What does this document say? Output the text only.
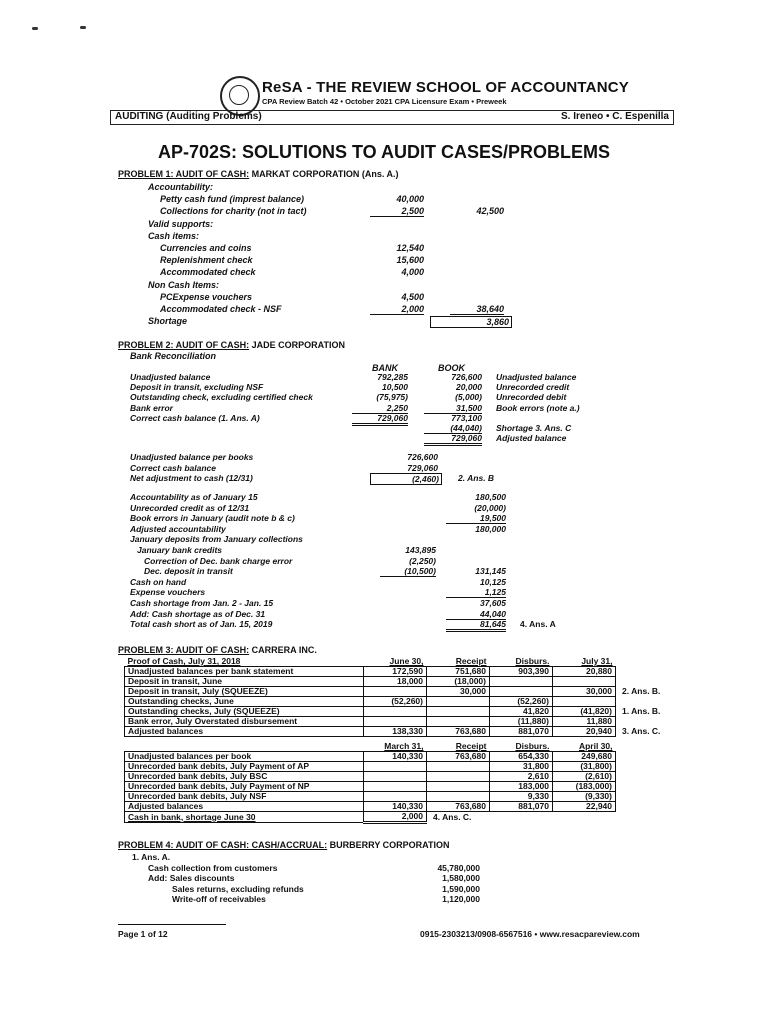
ReSA - THE REVIEW SCHOOL OF ACCOUNTANCY
CPA Review Batch 42 • October 2021 CPA Licensure Exam • Preweek
AUDITING (Auditing Problems)	S. Ireneo • C. Espenilla
AP-702S: SOLUTIONS TO AUDIT CASES/PROBLEMS
PROBLEM 1: AUDIT OF CASH: MARKAT CORPORATION (Ans. A.)
Accountability:
Petty cash fund (imprest balance)	40,000
Collections for charity (not in tact)	2,500	42,500
Valid supports:
Cash items:
Currencies and coins	12,540
Replenishment check	15,600
Accommodated check	4,000
Non Cash Items:
PCExpense vouchers	4,500
Accommodated check - NSF	2,000	38,640
Shortage	3,860
PROBLEM 2: AUDIT OF CASH: JADE CORPORATION
Bank Reconciliation
BANK	BOOK
Unadjusted balance	792,285	726,600 Unadjusted balance
Deposit in transit, excluding NSF	10,500	20,000 Unrecorded credit
Outstanding check, excluding certified check	(75,975)	(5,000) Unrecorded debit
Bank error	2,250	31,500 Book errors (note a.)
Correct cash balance (1. Ans. A)	729,060	773,100
(44,040) Shortage 3. Ans. C
729,060 Adjusted balance
Unadjusted balance per books	726,600
Correct cash balance	729,060
Net adjustment to cash (12/31)	(2,460)	2. Ans. B
Accountability as of January 15	180,500
Unrecorded credit as of 12/31	(20,000)
Book errors in January (audit note b & c)	19,500
Adjusted accountability	180,000
January deposits from January collections
January bank credits	143,895
Correction of Dec. bank charge error	(2,250)
Dec. deposit in transit	(10,500)	131,145
Cash on hand	10,125
Expense vouchers	1,125
Cash shortage from Jan. 2 - Jan. 15	37,605
Add: Cash shortage as of Dec. 31	44,040
Total cash short as of Jan. 15, 2019	81,645 4. Ans. A
PROBLEM 3: AUDIT OF CASH: CARRERA INC.
Proof of Cash, July 31, 2018	June 30,	Receipt	Disburs.	July 31,	
Unadjusted balances per bank statement	172,590	751,680	903,390	20,880	
Deposit in transit, June	18,000	(18,000)			
Deposit in transit, July (SQUEEZE)		30,000		30,000	2. Ans. B.
Outstanding checks, June	(52,260)		(52,260)		
Outstanding checks, July (SQUEEZE)			41,820	(41,820)	1. Ans. B.
Bank error, July Overstated disbursement			(11,880)	11,880	
Adjusted balances	138,330	763,680	881,070	20,940	3. Ans. C.
	March 31,	Receipt	Disburs.	April 30,
Unadjusted balances per book	140,330	763,680	654,330	249,680
Unrecorded bank debits, July Payment of AP			31,800	(31,800)
Unrecorded bank debits, July BSC			2,610	(2,610)
Unrecorded bank debits, July Payment of NP			183,000	(183,000)
Unrecorded bank debits, July NSF			9,330	(9,330)
Adjusted balances	140,330	763,680	881,070	22,940
Cash in bank, shortage June 30	2,000	4. Ans. C.		
PROBLEM 4: AUDIT OF CASH: CASH/ACCRUAL: BURBERRY CORPORATION
1. Ans. A.
Cash collection from customers	45,780,000
Add: Sales discounts	1,580,000
Sales returns, excluding refunds	1,590,000
Write-off of receivables	1,120,000
Page 1 of 12	0915-2303213/0908-6567516 • www.resacpareview.com
